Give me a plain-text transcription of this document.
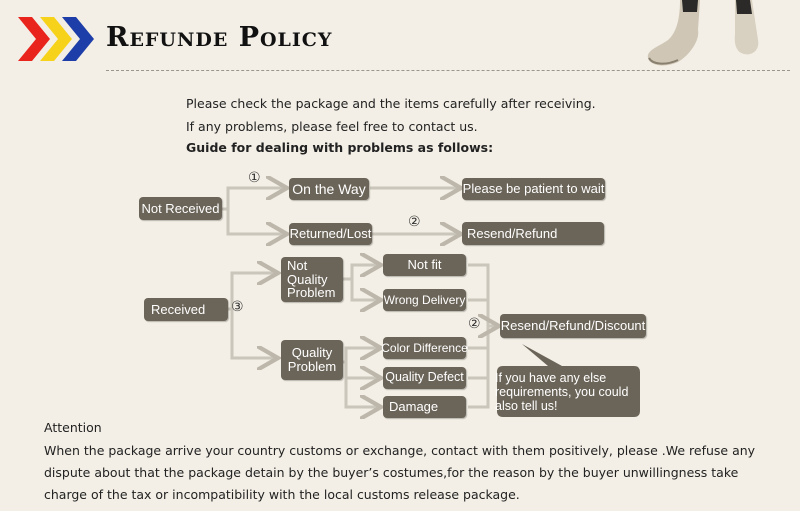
Refunde Policy
Please check the package and the items carefully after receiving.
If any problems, please feel free to contact us.
Guide for dealing with problems as follows:
Not Received
On the Way
Returned/Lost
Please be patient to wait
Resend/Refund
Received
Not Quality Problem
Quality Problem
Not fit
Wrong Delivery
Color Difference
Quality Defect
Damage
Resend/Refund/Discount
If you have any else requirements, you could also tell us!
①
②
③
②
Attention
When the package arrive your country customs or exchange, contact with them positively, please .We refuse any dispute about that the package detain by the buyer’s costumes,for the reason by the buyer unwillingness take charge of the tax or incompatibility with the local customs release package.
